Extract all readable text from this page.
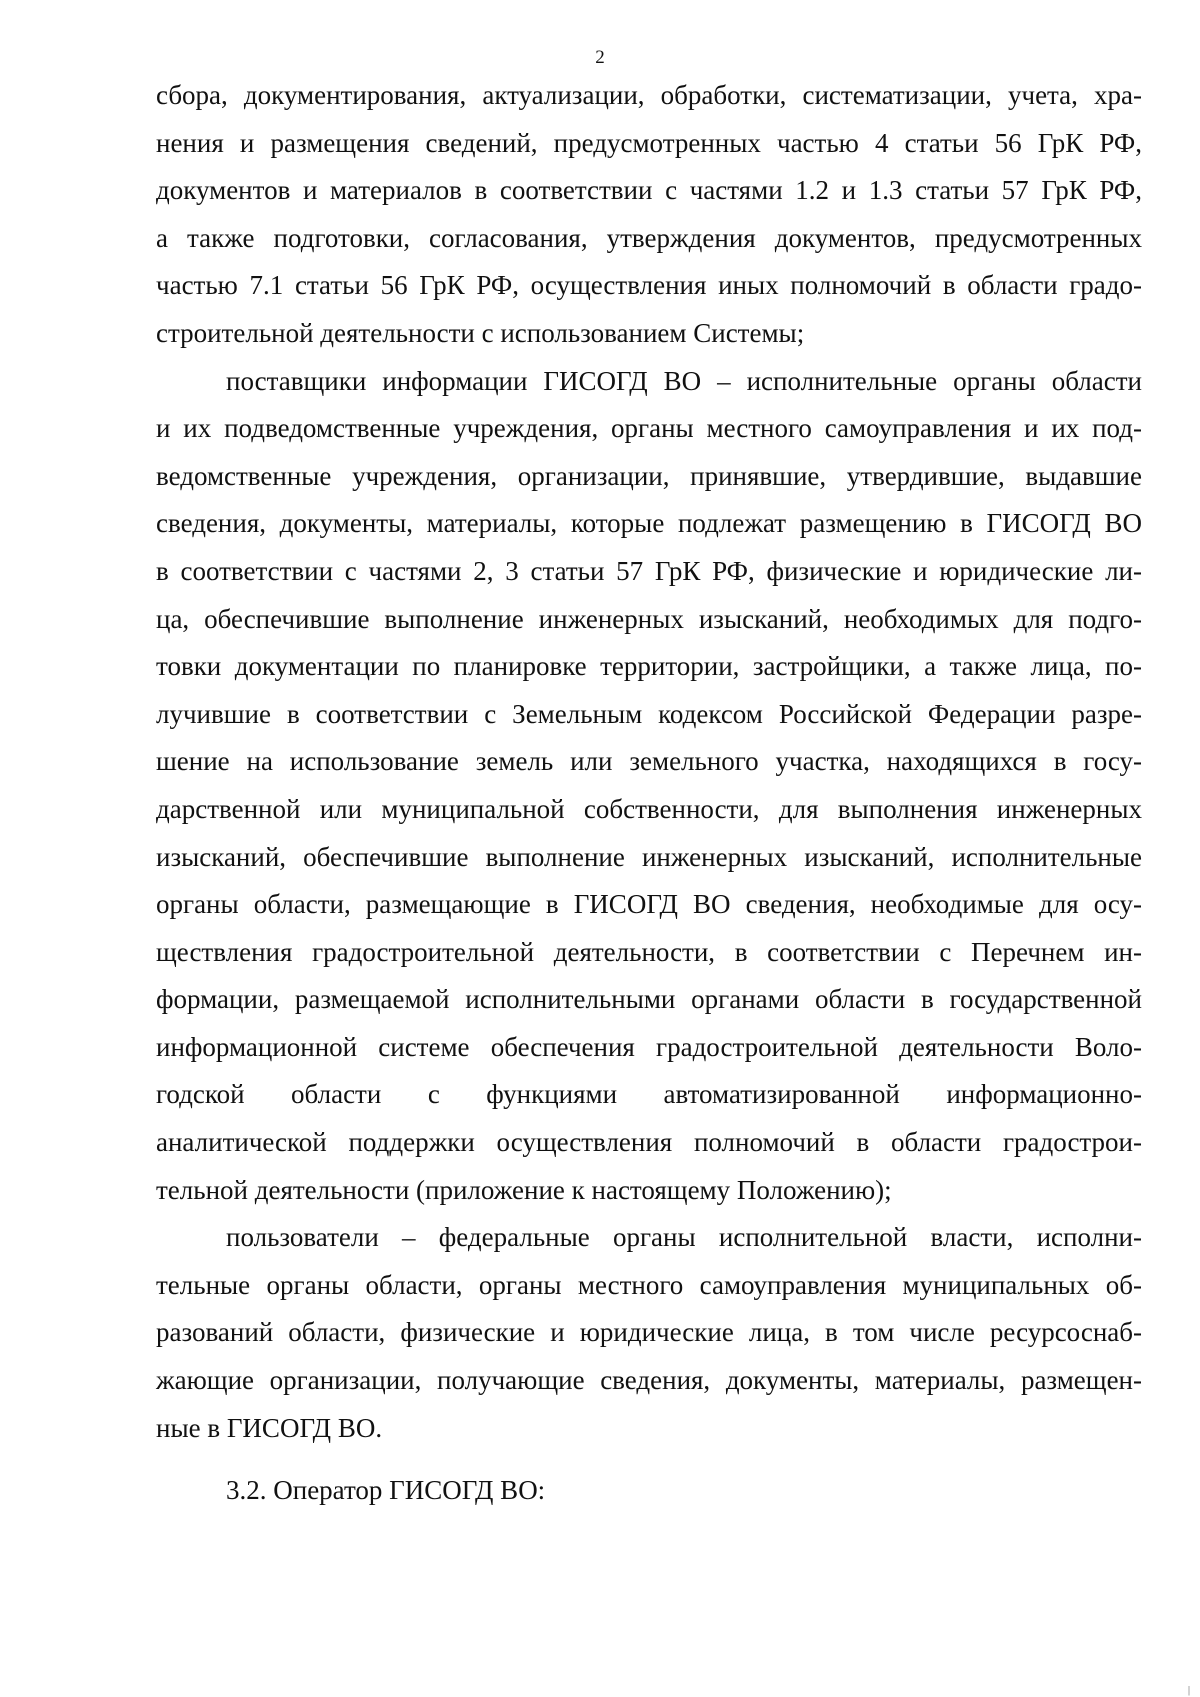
2
сбора, документирования, актуализации, обработки, систематизации, учета, хра-
нения и размещения сведений, предусмотренных частью 4 статьи 56 ГрК РФ,
документов и материалов в соответствии с частями 1.2 и 1.3 статьи 57 ГрК РФ,
а также подготовки, согласования, утверждения документов, предусмотренных
частью 7.1 статьи 56 ГрК РФ, осуществления иных полномочий в области градо-
строительной деятельности с использованием Системы;
поставщики информации ГИСОГД ВО – исполнительные органы области
и их подведомственные учреждения, органы местного самоуправления и их под-
ведомственные учреждения, организации, принявшие, утвердившие, выдавшие
сведения, документы, материалы, которые подлежат размещению в ГИСОГД ВО
в соответствии с частями 2, 3 статьи 57 ГрК РФ, физические и юридические ли-
ца, обеспечившие выполнение инженерных изысканий, необходимых для подго-
товки документации по планировке территории, застройщики, а также лица, по-
лучившие в соответствии с Земельным кодексом Российской Федерации разре-
шение на использование земель или земельного участка, находящихся в госу-
дарственной или муниципальной собственности, для выполнения инженерных
изысканий, обеспечившие выполнение инженерных изысканий, исполнительные
органы области, размещающие в ГИСОГД ВО сведения, необходимые для осу-
ществления градостроительной деятельности, в соответствии с Перечнем ин-
формации, размещаемой исполнительными органами области в государственной
информационной системе обеспечения градостроительной деятельности Воло-
годской области с функциями автоматизированной информационно-
аналитической поддержки осуществления полномочий в области градострои-
тельной деятельности (приложение к настоящему Положению);
пользователи – федеральные органы исполнительной власти, исполни-
тельные органы области, органы местного самоуправления муниципальных об-
разований области, физические и юридические лица, в том числе ресурсоснаб-
жающие организации, получающие сведения, документы, материалы, размещен-
ные в ГИСОГД ВО.
3.2. Оператор ГИСОГД ВО:
|
